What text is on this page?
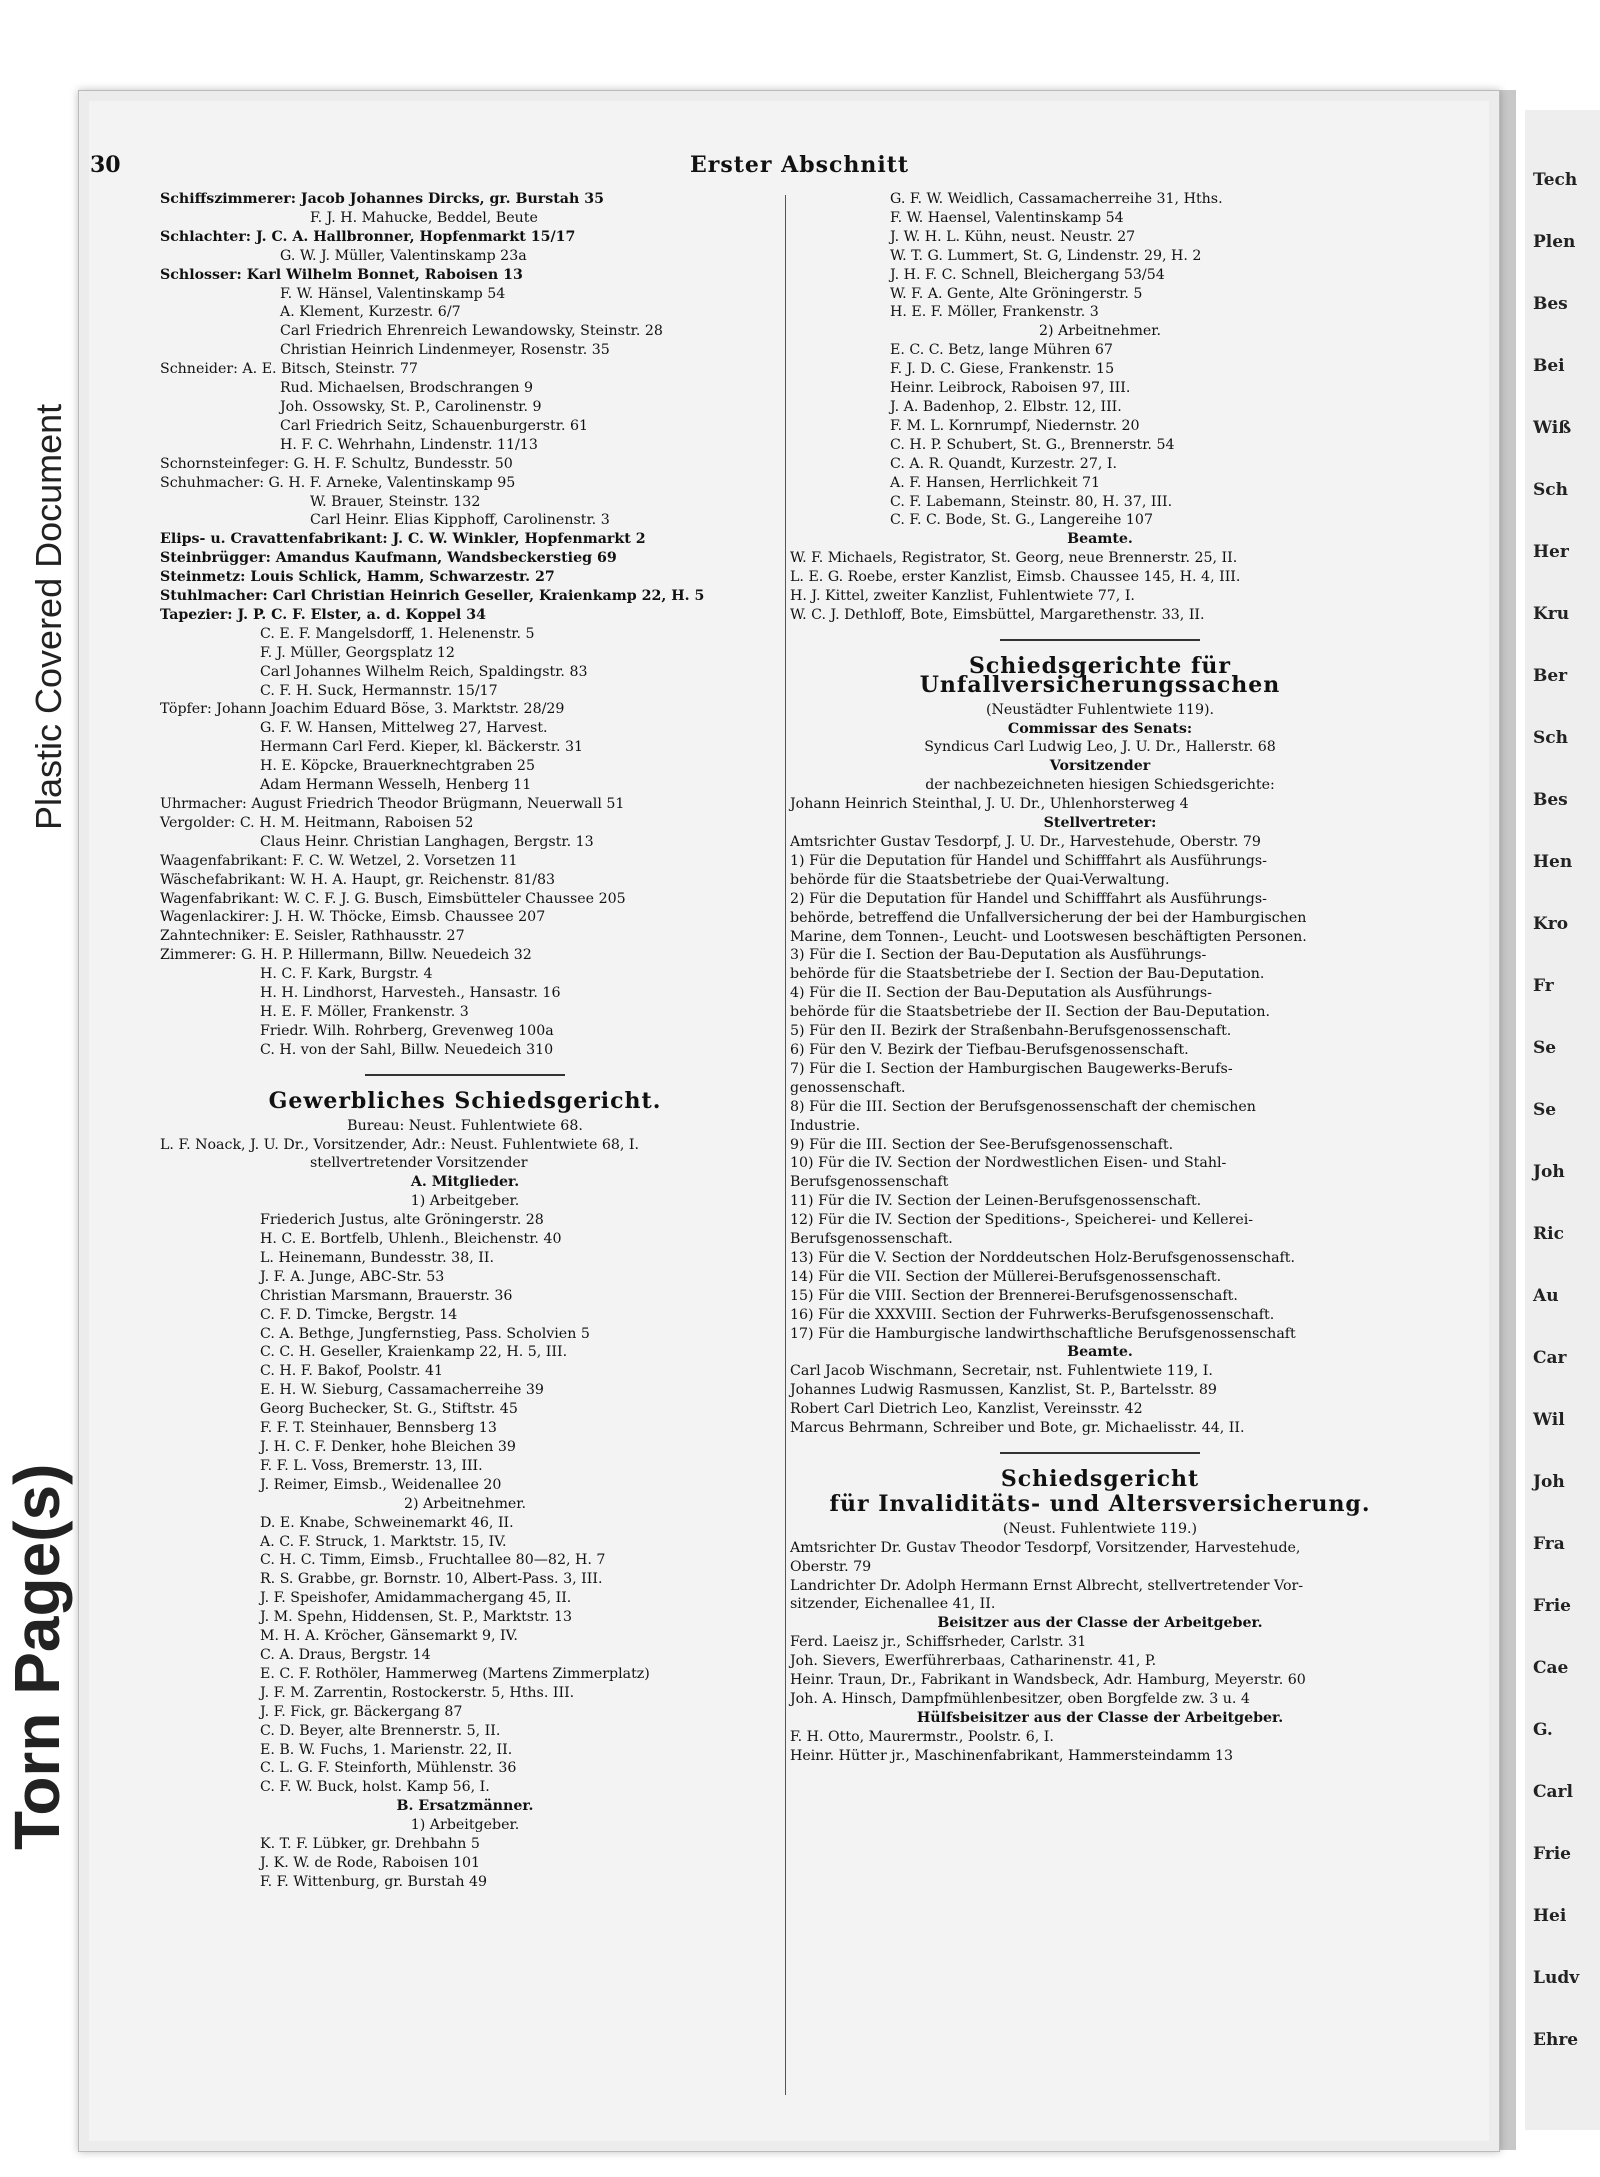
Plastic Covered Document
Torn Page(s)
Tech
Plen
Bes
Bei
Wiß
Sch
Her
Kru
Ber
Sch
Bes
Hen
Kro
Fr
Se
Se
Joh
Ric
Au
Car
Wil
Joh
Fra
Frie
Cae
G.
Carl
Frie
Hei
Ludv
Ehre
30	Erster Abschnitt
Schiffszimmerer: Jacob Johannes Dircks, gr. Burstah 35
F. J. H. Mahucke, Beddel, Beute
Schlachter: J. C. A. Hallbronner, Hopfenmarkt 15/17
G. W. J. Müller, Valentinskamp 23a
Schlosser: Karl Wilhelm Bonnet, Raboisen 13
F. W. Hänsel, Valentinskamp 54
A. Klement, Kurzestr. 6/7
Carl Friedrich Ehrenreich Lewandowsky, Steinstr. 28
Christian Heinrich Lindenmeyer, Rosenstr. 35
Schneider: A. E. Bitsch, Steinstr. 77
Rud. Michaelsen, Brodschrangen 9
Joh. Ossowsky, St. P., Carolinenstr. 9
Carl Friedrich Seitz, Schauenburgerstr. 61
H. F. C. Wehrhahn, Lindenstr. 11/13
Schornsteinfeger: G. H. F. Schultz, Bundesstr. 50
Schuhmacher: G. H. F. Arneke, Valentinskamp 95
W. Brauer, Steinstr. 132
Carl Heinr. Elias Kipphoff, Carolinenstr. 3
Elips- u. Cravattenfabrikant: J. C. W. Winkler, Hopfenmarkt 2
Steinbrügger: Amandus Kaufmann, Wandsbeckerstieg 69
Steinmetz: Louis Schlick, Hamm, Schwarzestr. 27
Stuhlmacher: Carl Christian Heinrich Geseller, Kraienkamp 22, H. 5
Tapezier: J. P. C. F. Elster, a. d. Koppel 34
C. E. F. Mangelsdorff, 1. Helenenstr. 5
F. J. Müller, Georgsplatz 12
Carl Johannes Wilhelm Reich, Spaldingstr. 83
C. F. H. Suck, Hermannstr. 15/17
Töpfer: Johann Joachim Eduard Böse, 3. Marktstr. 28/29
G. F. W. Hansen, Mittelweg 27, Harvest.
Hermann Carl Ferd. Kieper, kl. Bäckerstr. 31
H. E. Köpcke, Brauerknechtgraben 25
Adam Hermann Wesselh, Henberg 11
Uhrmacher: August Friedrich Theodor Brügmann, Neuerwall 51
Vergolder: C. H. M. Heitmann, Raboisen 52
Claus Heinr. Christian Langhagen, Bergstr. 13
Waagenfabrikant: F. C. W. Wetzel, 2. Vorsetzen 11
Wäschefabrikant: W. H. A. Haupt, gr. Reichenstr. 81/83
Wagenfabrikant: W. C. F. J. G. Busch, Eimsbütteler Chaussee 205
Wagenlackirer: J. H. W. Thöcke, Eimsb. Chaussee 207
Zahntechniker: E. Seisler, Rathhausstr. 27
Zimmerer: G. H. P. Hillermann, Billw. Neuedeich 32
H. C. F. Kark, Burgstr. 4
H. H. Lindhorst, Harvesteh., Hansastr. 16
H. E. F. Möller, Frankenstr. 3
Friedr. Wilh. Rohrberg, Grevenweg 100a
C. H. von der Sahl, Billw. Neuedeich 310
Gewerbliches Schiedsgericht.
Bureau: Neust. Fuhlentwiete 68.
L. F. Noack, J. U. Dr., Vorsitzender, Adr.: Neust. Fuhlentwiete 68, I.
stellvertretender Vorsitzender
A. Mitglieder.
1) Arbeitgeber.
Friederich Justus, alte Gröningerstr. 28
H. C. E. Bortfelb, Uhlenh., Bleichenstr. 40
L. Heinemann, Bundesstr. 38, II.
J. F. A. Junge, ABC-Str. 53
Christian Marsmann, Brauerstr. 36
C. F. D. Timcke, Bergstr. 14
C. A. Bethge, Jungfernstieg, Pass. Scholvien 5
C. C. H. Geseller, Kraienkamp 22, H. 5, III.
C. H. F. Bakof, Poolstr. 41
E. H. W. Sieburg, Cassamacherreihe 39
Georg Buchecker, St. G., Stiftstr. 45
F. F. T. Steinhauer, Bennsberg 13
J. H. C. F. Denker, hohe Bleichen 39
F. F. L. Voss, Bremerstr. 13, III.
J. Reimer, Eimsb., Weidenallee 20
2) Arbeitnehmer.
D. E. Knabe, Schweinemarkt 46, II.
A. C. F. Struck, 1. Marktstr. 15, IV.
C. H. C. Timm, Eimsb., Fruchtallee 80—82, H. 7
R. S. Grabbe, gr. Bornstr. 10, Albert-Pass. 3, III.
J. F. Speishofer, Amidammachergang 45, II.
J. M. Spehn, Hiddensen, St. P., Marktstr. 13
M. H. A. Kröcher, Gänsemarkt 9, IV.
C. A. Draus, Bergstr. 14
E. C. F. Rothöler, Hammerweg (Martens Zimmerplatz)
J. F. M. Zarrentin, Rostockerstr. 5, Hths. III.
J. F. Fick, gr. Bäckergang 87
C. D. Beyer, alte Brennerstr. 5, II.
E. B. W. Fuchs, 1. Marienstr. 22, II.
C. L. G. F. Steinforth, Mühlenstr. 36
C. F. W. Buck, holst. Kamp 56, I.
B. Ersatzmänner.
1) Arbeitgeber.
K. T. F. Lübker, gr. Drehbahn 5
J. K. W. de Rode, Raboisen 101
F. F. Wittenburg, gr. Burstah 49
G. F. W. Weidlich, Cassamacherreihe 31, Hths.
F. W. Haensel, Valentinskamp 54
J. W. H. L. Kühn, neust. Neustr. 27
W. T. G. Lummert, St. G, Lindenstr. 29, H. 2
J. H. F. C. Schnell, Bleichergang 53/54
W. F. A. Gente, Alte Gröningerstr. 5
H. E. F. Möller, Frankenstr. 3
2) Arbeitnehmer.
E. C. C. Betz, lange Mühren 67
F. J. D. C. Giese, Frankenstr. 15
Heinr. Leibrock, Raboisen 97, III.
J. A. Badenhop, 2. Elbstr. 12, III.
F. M. L. Kornrumpf, Niedernstr. 20
C. H. P. Schubert, St. G., Brennerstr. 54
C. A. R. Quandt, Kurzestr. 27, I.
A. F. Hansen, Herrlichkeit 71
C. F. Labemann, Steinstr. 80, H. 37, III.
C. F. C. Bode, St. G., Langereihe 107
Beamte.
W. F. Michaels, Registrator, St. Georg, neue Brennerstr. 25, II.
L. E. G. Roebe, erster Kanzlist, Eimsb. Chaussee 145, H. 4, III.
H. J. Kittel, zweiter Kanzlist, Fuhlentwiete 77, I.
W. C. J. Dethloff, Bote, Eimsbüttel, Margarethenstr. 33, II.
Schiedsgerichte für Unfallversicherungssachen
(Neustädter Fuhlentwiete 119).
Commissar des Senats:
Syndicus Carl Ludwig Leo, J. U. Dr., Hallerstr. 68
Vorsitzender
der nachbezeichneten hiesigen Schiedsgerichte:
Johann Heinrich Steinthal, J. U. Dr., Uhlenhorsterweg 4
Stellvertreter:
Amtsrichter Gustav Tesdorpf, J. U. Dr., Harvestehude, Oberstr. 79
1) Für die Deputation für Handel und Schifffahrt als Ausführungs-
behörde für die Staatsbetriebe der Quai-Verwaltung.
2) Für die Deputation für Handel und Schifffahrt als Ausführungs-
behörde, betreffend die Unfallversicherung der bei der Hamburgischen
Marine, dem Tonnen-, Leucht- und Lootswesen beschäftigten Personen.
3) Für die I. Section der Bau-Deputation als Ausführungs-
behörde für die Staatsbetriebe der I. Section der Bau-Deputation.
4) Für die II. Section der Bau-Deputation als Ausführungs-
behörde für die Staatsbetriebe der II. Section der Bau-Deputation.
5) Für den II. Bezirk der Straßenbahn-Berufsgenossenschaft.
6) Für den V. Bezirk der Tiefbau-Berufsgenossenschaft.
7) Für die I. Section der Hamburgischen Baugewerks-Berufs-
genossenschaft.
8) Für die III. Section der Berufsgenossenschaft der chemischen
Industrie.
9) Für die III. Section der See-Berufsgenossenschaft.
10) Für die IV. Section der Nordwestlichen Eisen- und Stahl-
Berufsgenossenschaft
11) Für die IV. Section der Leinen-Berufsgenossenschaft.
12) Für die IV. Section der Speditions-, Speicherei- und Kellerei-
Berufsgenossenschaft.
13) Für die V. Section der Norddeutschen Holz-Berufsgenossenschaft.
14) Für die VII. Section der Müllerei-Berufsgenossenschaft.
15) Für die VIII. Section der Brennerei-Berufsgenossenschaft.
16) Für die XXXVIII. Section der Fuhrwerks-Berufsgenossenschaft.
17) Für die Hamburgische landwirthschaftliche Berufsgenossenschaft
Beamte.
Carl Jacob Wischmann, Secretair, nst. Fuhlentwiete 119, I.
Johannes Ludwig Rasmussen, Kanzlist, St. P., Bartelsstr. 89
Robert Carl Dietrich Leo, Kanzlist, Vereinsstr. 42
Marcus Behrmann, Schreiber und Bote, gr. Michaelisstr. 44, II.
Schiedsgericht
für Invaliditäts- und Altersversicherung.
(Neust. Fuhlentwiete 119.)
Amtsrichter Dr. Gustav Theodor Tesdorpf, Vorsitzender, Harvestehude,
Oberstr. 79
Landrichter Dr. Adolph Hermann Ernst Albrecht, stellvertretender Vor-
sitzender, Eichenallee 41, II.
Beisitzer aus der Classe der Arbeitgeber.
Ferd. Laeisz jr., Schiffsrheder, Carlstr. 31
Joh. Sievers, Ewerführerbaas, Catharinenstr. 41, P.
Heinr. Traun, Dr., Fabrikant in Wandsbeck, Adr. Hamburg, Meyerstr. 60
Joh. A. Hinsch, Dampfmühlenbesitzer, oben Borgfelde zw. 3 u. 4
Hülfsbeisitzer aus der Classe der Arbeitgeber.
F. H. Otto, Maurermstr., Poolstr. 6, I.
Heinr. Hütter jr., Maschinenfabrikant, Hammersteindamm 13
